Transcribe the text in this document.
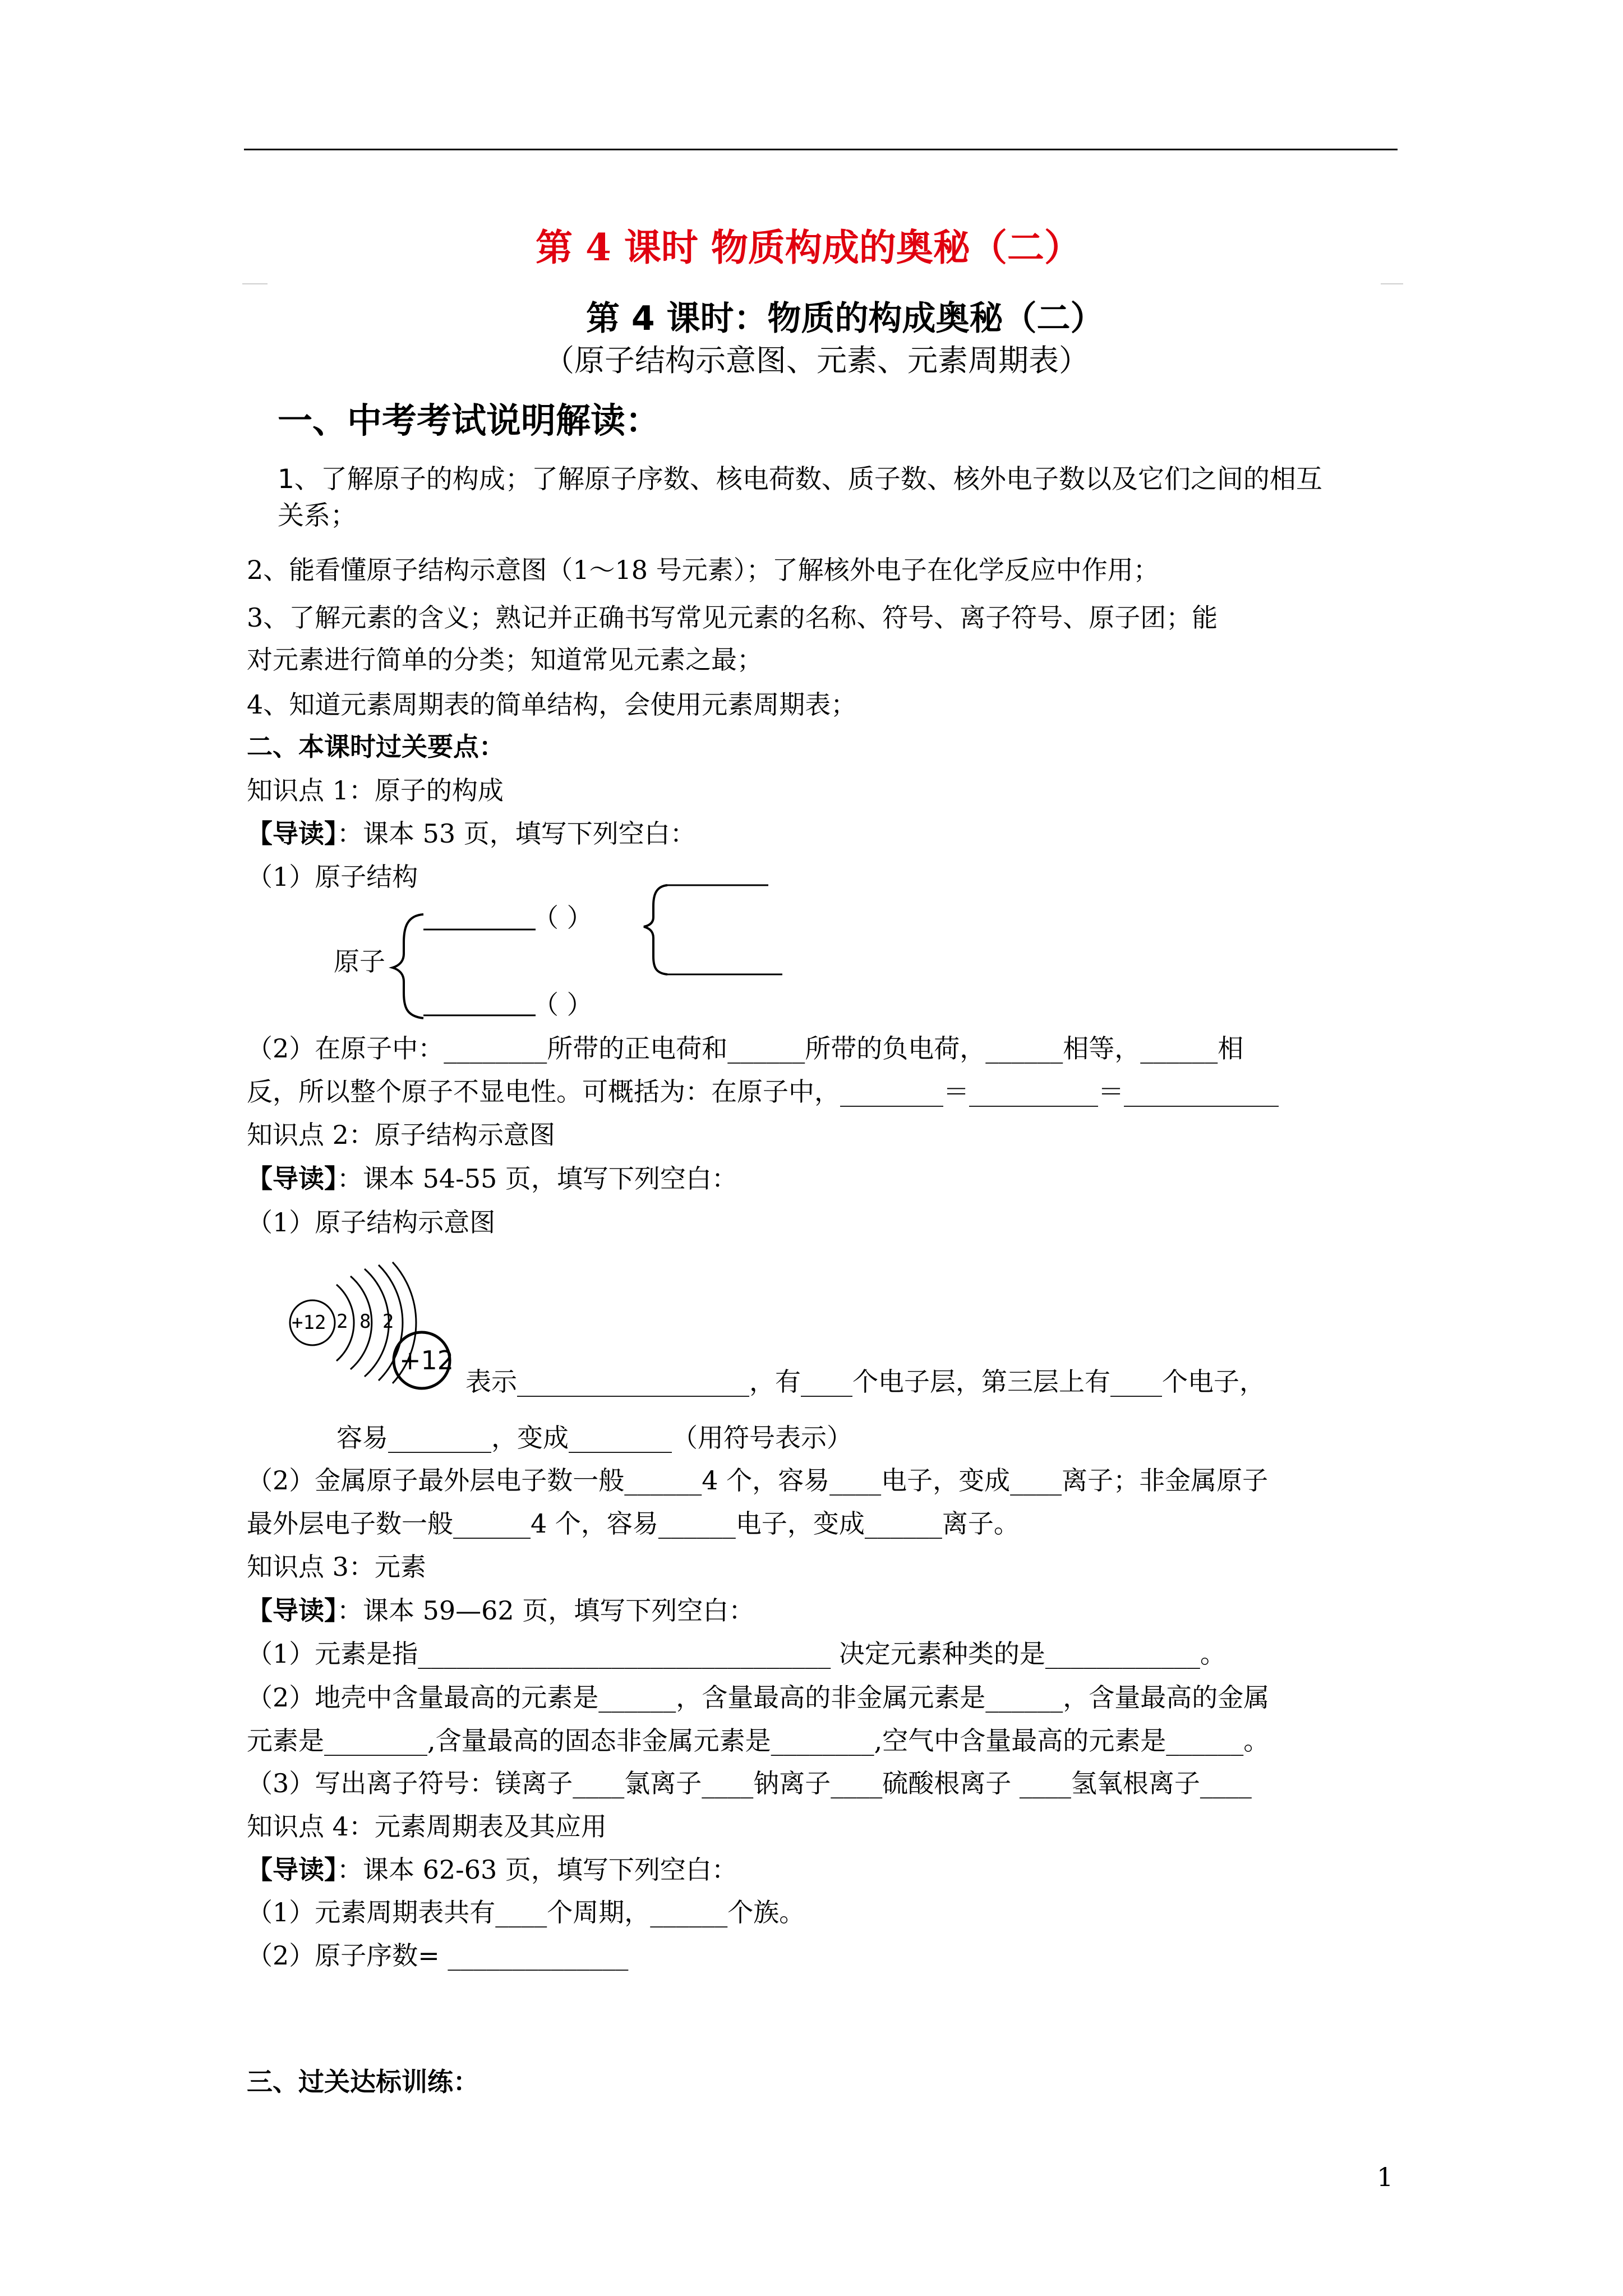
第 4 课时 物质构成的奥秘（二）
第 4 课时：物质的构成奥秘（二）
（原子结构示意图、元素、元素周期表）
一、中考考试说明解读：
1、了解原子的构成；了解原子序数、核电荷数、质子数、核外电子数以及它们之间的相互
关系；
2、能看懂原子结构示意图（1～18 号元素）；了解核外电子在化学反应中作用；
3、了解元素的含义；熟记并正确书写常见元素的名称、符号、离子符号、原子团；能
对元素进行简单的分类；知道常见元素之最；
4、知道元素周期表的简单结构，会使用元素周期表；
二、本课时过关要点：
知识点 1：原子的构成
【导读】：课本 53 页，填写下列空白：
（1）原子结构
原子
（ ）
（ ）
（2）在原子中：________所带的正电荷和______所带的负电荷，______相等，______相
反，所以整个原子不显电性。可概括为：在原子中，________＝__________＝____________
知识点 2：原子结构示意图
【导读】：课本 54-55 页，填写下列空白：
（1）原子结构示意图
+12 2 8 2
+12
表示__________________，有____个电子层，第三层上有____个电子，
容易________，变成________（用符号表示）
（2）金属原子最外层电子数一般______4 个，容易____电子，变成____离子；非金属原子
最外层电子数一般______4 个，容易______电子，变成______离子。
知识点 3：元素
【导读】：课本 59—62 页，填写下列空白：
（1）元素是指________________________________ 决定元素种类的是____________。
（2）地壳中含量最高的元素是______，含量最高的非金属元素是______，含量最高的金属
元素是________,含量最高的固态非金属元素是________,空气中含量最高的元素是______。
（3）写出离子符号：镁离子____氯离子____钠离子____硫酸根离子 ____氢氧根离子____
知识点 4：元素周期表及其应用
【导读】：课本 62-63 页，填写下列空白：
（1）元素周期表共有____个周期，______个族。
（2）原子序数= ______________
三、过关达标训练：
1
